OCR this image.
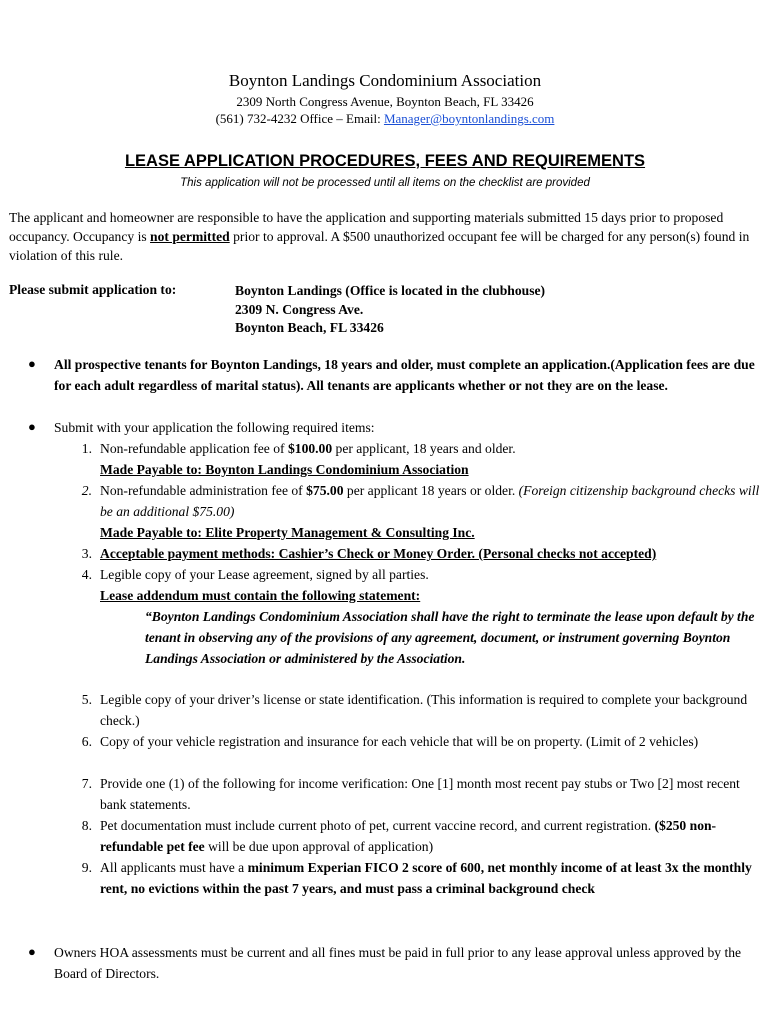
Boynton Landings Condominium Association
2309 North Congress Avenue, Boynton Beach, FL 33426
(561) 732-4232 Office – Email: Manager@boyntonlandings.com
LEASE APPLICATION PROCEDURES, FEES AND REQUIREMENTS
This application will not be processed until all items on the checklist are provided
The applicant and homeowner are responsible to have the application and supporting materials submitted 15 days prior to proposed occupancy. Occupancy is not permitted prior to approval. A $500 unauthorized occupant fee will be charged for any person(s) found in violation of this rule.
Please submit application to:	Boynton Landings (Office is located in the clubhouse)
2309 N. Congress Ave.
Boynton Beach, FL 33426
● All prospective tenants for Boynton Landings, 18 years and older, must complete an application.(Application fees are due for each adult regardless of marital status). All tenants are applicants whether or not they are on the lease.
● Submit with your application the following required items:
1. Non-refundable application fee of $100.00 per applicant, 18 years and older.
Made Payable to: Boynton Landings Condominium Association
2. Non-refundable administration fee of $75.00 per applicant 18 years or older. (Foreign citizenship background checks will be an additional $75.00)
Made Payable to: Elite Property Management & Consulting Inc.
3. Acceptable payment methods: Cashier’s Check or Money Order. (Personal checks not accepted)
4. Legible copy of your Lease agreement, signed by all parties.
Lease addendum must contain the following statement:
“Boynton Landings Condominium Association shall have the right to terminate the lease upon default by the tenant in observing any of the provisions of any agreement, document, or instrument governing Boynton Landings Association or administered by the Association.
5. Legible copy of your driver’s license or state identification. (This information is required to complete your background check.)
6. Copy of your vehicle registration and insurance for each vehicle that will be on property. (Limit of 2 vehicles)
7. Provide one (1) of the following for income verification: One [1] month most recent pay stubs or Two [2] most recent bank statements.
8. Pet documentation must include current photo of pet, current vaccine record, and current registration. ($250 non-refundable pet fee will be due upon approval of application)
9. All applicants must have a minimum Experian FICO 2 score of 600, net monthly income of at least 3x the monthly rent, no evictions within the past 7 years, and must pass a criminal background check
● Owners HOA assessments must be current and all fines must be paid in full prior to any lease approval unless approved by the Board of Directors.
